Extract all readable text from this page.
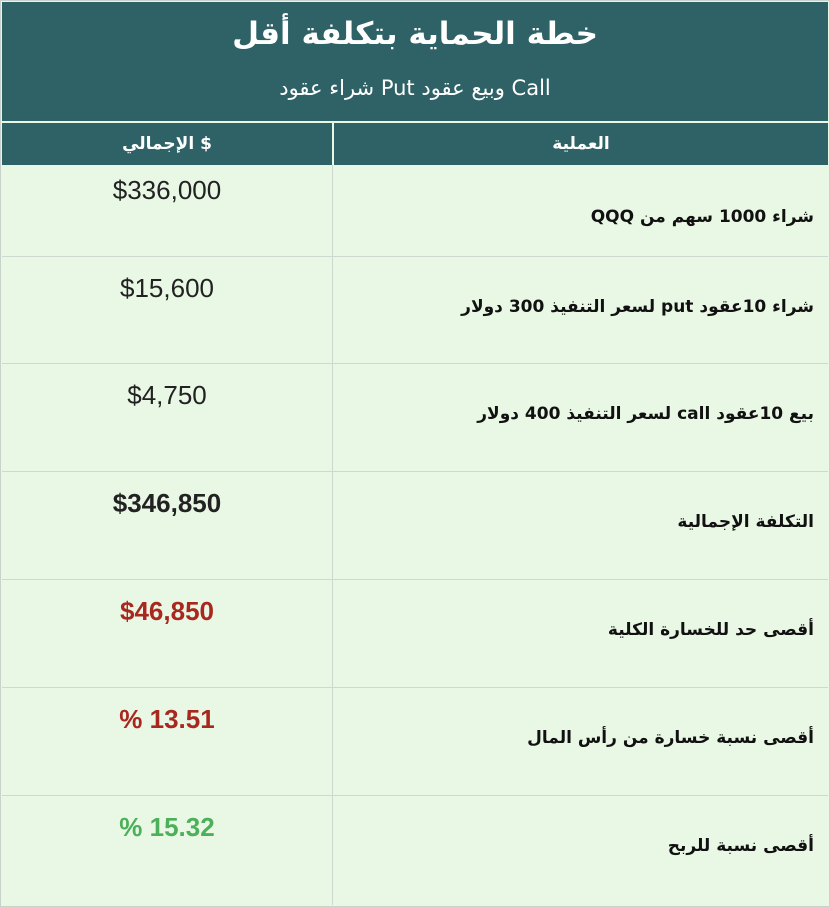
خطة الحماية بتكلفة أقل
شراء عقود Put وبيع عقود Call
العملية
الإجمالي $
$336,000
شراء 1000 سهم من QQQ
$15,600
شراء 10عقود put لسعر التنفيذ 300 دولار
$4,750
بيع 10عقود call لسعر التنفيذ 400 دولار
$346,850
التكلفة الإجمالية
$46,850
أقصى حد للخسارة الكلية
% 13.51
أقصى نسبة خسارة من رأس المال
% 15.32
أقصى نسبة للربح
